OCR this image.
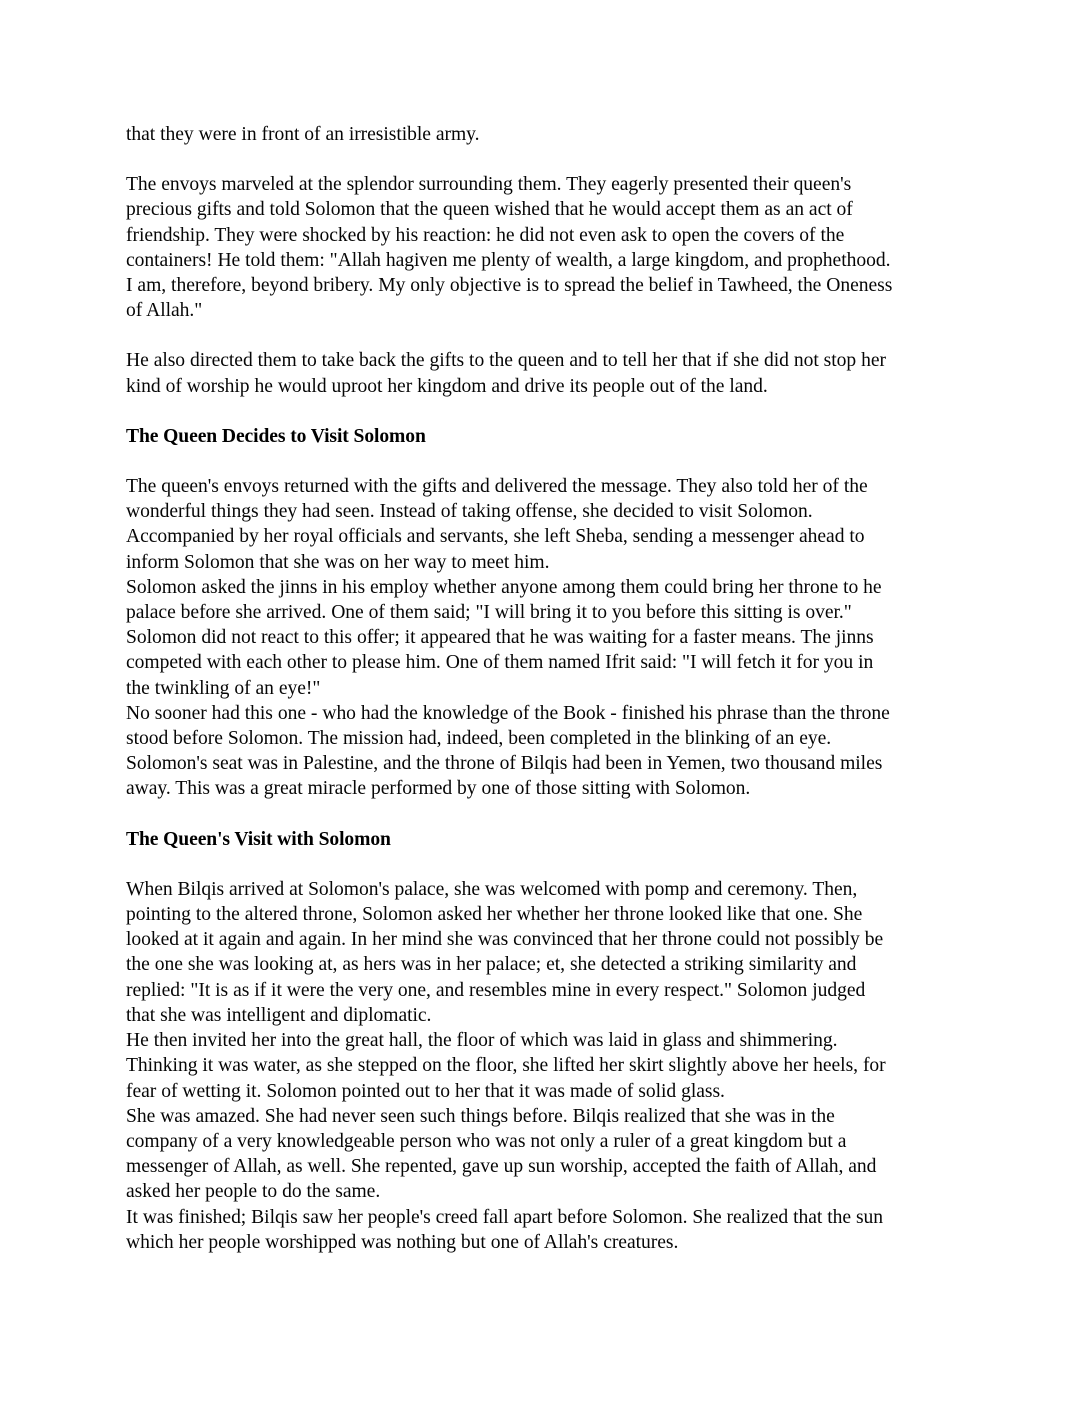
that they were in front of an irresistible army.
The envoys marveled at the splendor surrounding them. They eagerly presented their queen's
precious gifts and told Solomon that the queen wished that he would accept them as an act of
friendship. They were shocked by his reaction: he did not even ask to open the covers of the
containers! He told them: "Allah hagiven me plenty of wealth, a large kingdom, and prophethood.
I am, therefore, beyond bribery. My only objective is to spread the belief in Tawheed, the Oneness
of Allah."
He also directed them to take back the gifts to the queen and to tell her that if she did not stop her
kind of worship he would uproot her kingdom and drive its people out of the land.
The Queen Decides to Visit Solomon
The queen's envoys returned with the gifts and delivered the message. They also told her of the
wonderful things they had seen. Instead of taking offense, she decided to visit Solomon.
Accompanied by her royal officials and servants, she left Sheba, sending a messenger ahead to
inform Solomon that she was on her way to meet him.
Solomon asked the jinns in his employ whether anyone among them could bring her throne to he
palace before she arrived. One of them said; "I will bring it to you before this sitting is over."
Solomon did not react to this offer; it appeared that he was waiting for a faster means. The jinns
competed with each other to please him. One of them named Ifrit said: "I will fetch it for you in
the twinkling of an eye!"
No sooner had this one - who had the knowledge of the Book - finished his phrase than the throne
stood before Solomon. The mission had, indeed, been completed in the blinking of an eye.
Solomon's seat was in Palestine, and the throne of Bilqis had been in Yemen, two thousand miles
away. This was a great miracle performed by one of those sitting with Solomon.
The Queen's Visit with Solomon
When Bilqis arrived at Solomon's palace, she was welcomed with pomp and ceremony. Then,
pointing to the altered throne, Solomon asked her whether her throne looked like that one. She
looked at it again and again. In her mind she was convinced that her throne could not possibly be
the one she was looking at, as hers was in her palace; et, she detected a striking similarity and
replied: "It is as if it were the very one, and resembles mine in every respect." Solomon judged
that she was intelligent and diplomatic.
He then invited her into the great hall, the floor of which was laid in glass and shimmering.
Thinking it was water, as she stepped on the floor, she lifted her skirt slightly above her heels, for
fear of wetting it. Solomon pointed out to her that it was made of solid glass.
She was amazed. She had never seen such things before. Bilqis realized that she was in the
company of a very knowledgeable person who was not only a ruler of a great kingdom but a
messenger of Allah, as well. She repented, gave up sun worship, accepted the faith of Allah, and
asked her people to do the same.
It was finished; Bilqis saw her people's creed fall apart before Solomon. She realized that the sun
which her people worshipped was nothing but one of Allah's creatures.
